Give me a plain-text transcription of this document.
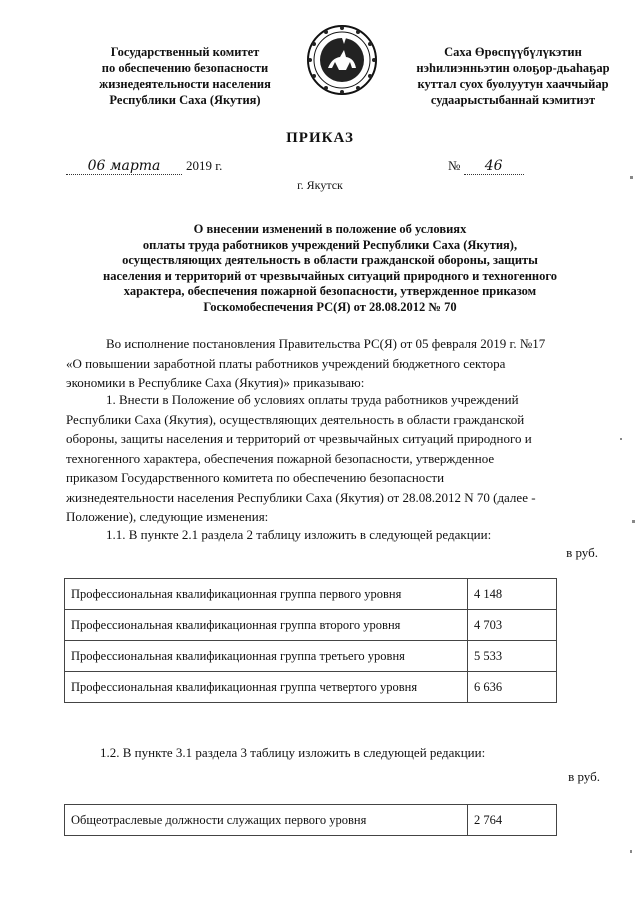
Государственный комитет
по обеспечению безопасности
жизнедеятельности населения
Республики Саха (Якутия)
Саха Өрөспүүбүлүкэтин
нэһилиэнньэтин олоҕор-дьаһаҕар
куттал суох буолуутун хааччыйар
судаарыстыбаннай кэмитиэт
ПРИКАЗ
06 марта 2019 г.	№ 46
г. Якутск
О внесении изменений в положение об условиях
оплаты труда работников учреждений Республики Саха (Якутия),
осуществляющих деятельность в области гражданской обороны, защиты
населения и территорий от чрезвычайных ситуаций природного и техногенного
характера, обеспечения пожарной безопасности, утвержденное приказом
Госкомобеспечения РС(Я) от 28.08.2012 № 70
Во исполнение постановления Правительства РС(Я) от 05 февраля 2019 г. №17
«О повышении заработной платы работников учреждений бюджетного сектора
экономики в Республике Саха (Якутия)» приказываю:
1. Внести в Положение об условиях оплаты труда работников учреждений
Республики Саха (Якутия), осуществляющих деятельность в области гражданской
обороны, защиты населения и территорий от чрезвычайных ситуаций природного и
техногенного характера, обеспечения пожарной безопасности, утвержденное
приказом Государственного комитета по обеспечению безопасности
жизнедеятельности населения Республики Саха (Якутия) от 28.08.2012 N 70 (далее -
Положение), следующие изменения:
1.1. В пункте 2.1 раздела 2 таблицу изложить в следующей редакции:
в руб.
Профессиональная квалификационная группа первого уровня	4 148
Профессиональная квалификационная группа второго уровня	4 703
Профессиональная квалификационная группа третьего уровня	5 533
Профессиональная квалификационная группа четвертого уровня	6 636
1.2. В пункте 3.1 раздела 3 таблицу изложить в следующей редакции:
в руб.
Общеотраслевые должности служащих первого уровня	2 764
